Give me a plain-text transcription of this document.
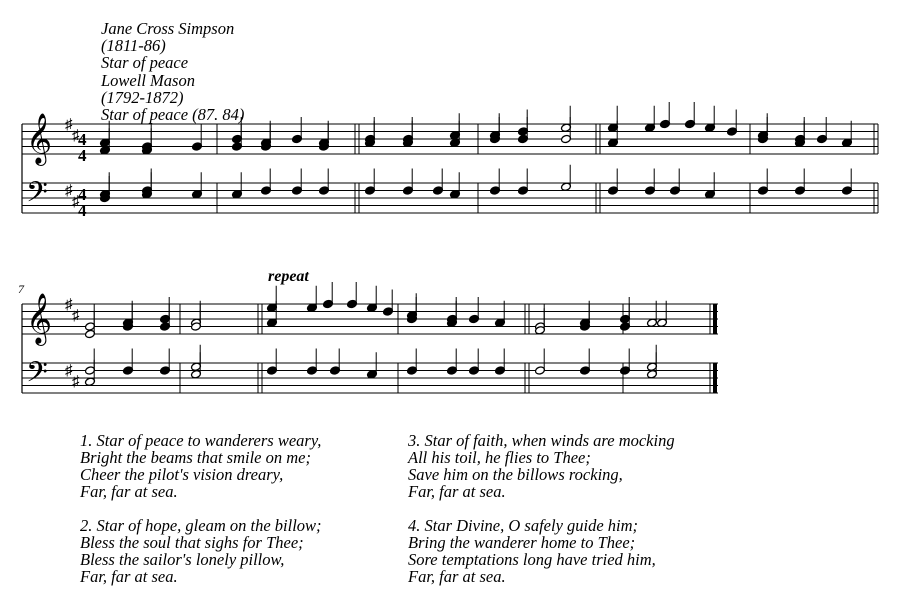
Jane Cross Simpson
(1811-86)
Star of peace
Lowell Mason
(1792-1872)
Star of peace (87. 84)
𝄞
𝄢
♯
♯
♯
♯
𝄞
𝄢
♯
♯
♯
♯
7
repeat
4
4
4
4
1. Star of peace to wanderers weary,
Bright the beams that smile on me;
Cheer the pilot's vision dreary,
Far, far at sea.
2. Star of hope, gleam on the billow;
Bless the soul that sighs for Thee;
Bless the sailor's lonely pillow,
Far, far at sea.
3. Star of faith, when winds are mocking
All his toil, he flies to Thee;
Save him on the billows rocking,
Far, far at sea.
4. Star Divine, O safely guide him;
Bring the wanderer home to Thee;
Sore temptations long have tried him,
Far, far at sea.
